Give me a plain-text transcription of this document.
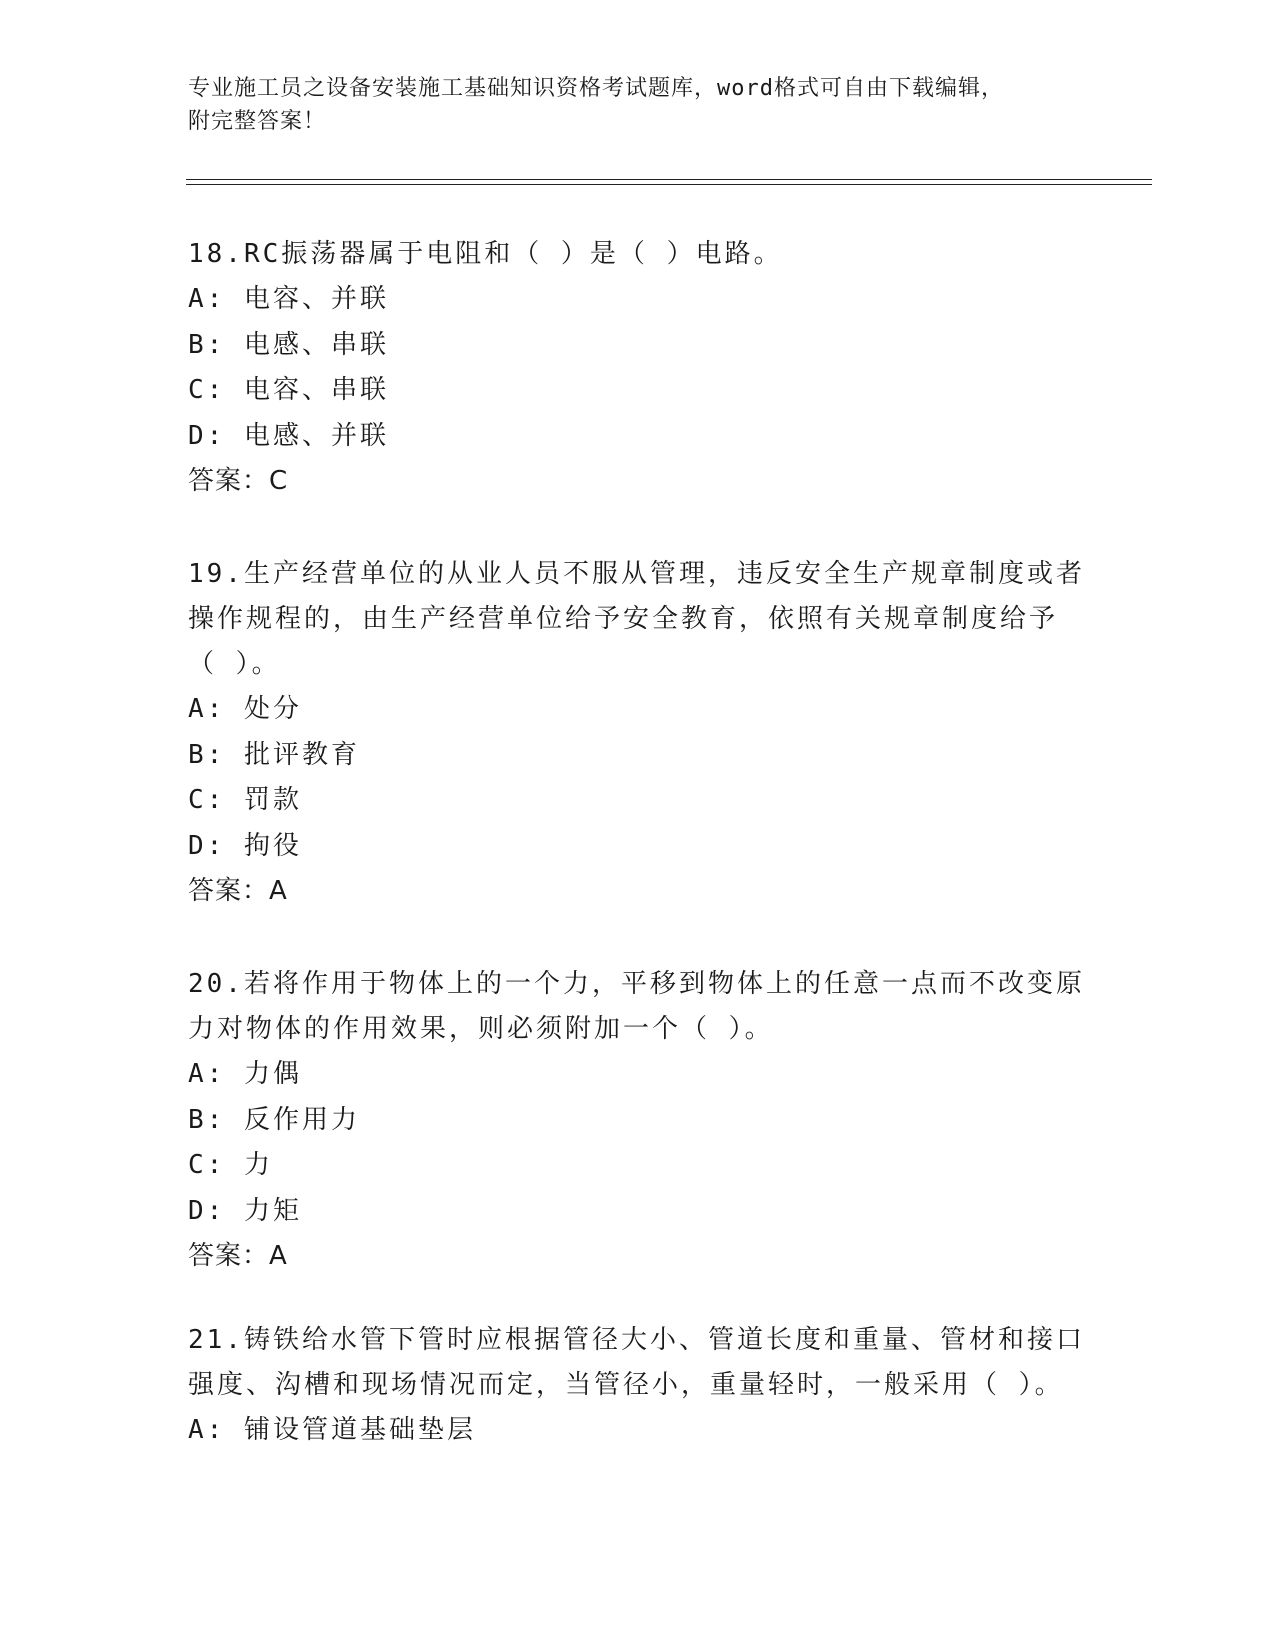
专业施工员之设备安装施工基础知识资格考试题库，word格式可自由下载编辑，
附完整答案！

18.RC振荡器属于电阻和（ ）是（ ）电路。

A: 电容、并联

B: 电感、串联

C: 电容、串联

D: 电感、并联

答案：C

19.生产经营单位的从业人员不服从管理，违反安全生产规章制度或者

操作规程的，由生产经营单位给予安全教育，依照有关规章制度给予

（ ）。

A: 处分

B: 批评教育

C: 罚款

D: 拘役

答案：A

20.若将作用于物体上的一个力，平移到物体上的任意一点而不改变原

力对物体的作用效果，则必须附加一个（ ）。

A: 力偶

B: 反作用力

C: 力

D: 力矩

答案：A

21.铸铁给水管下管时应根据管径大小、管道长度和重量、管材和接口

强度、沟槽和现场情况而定，当管径小，重量轻时，一般采用（ ）。

A: 铺设管道基础垫层
